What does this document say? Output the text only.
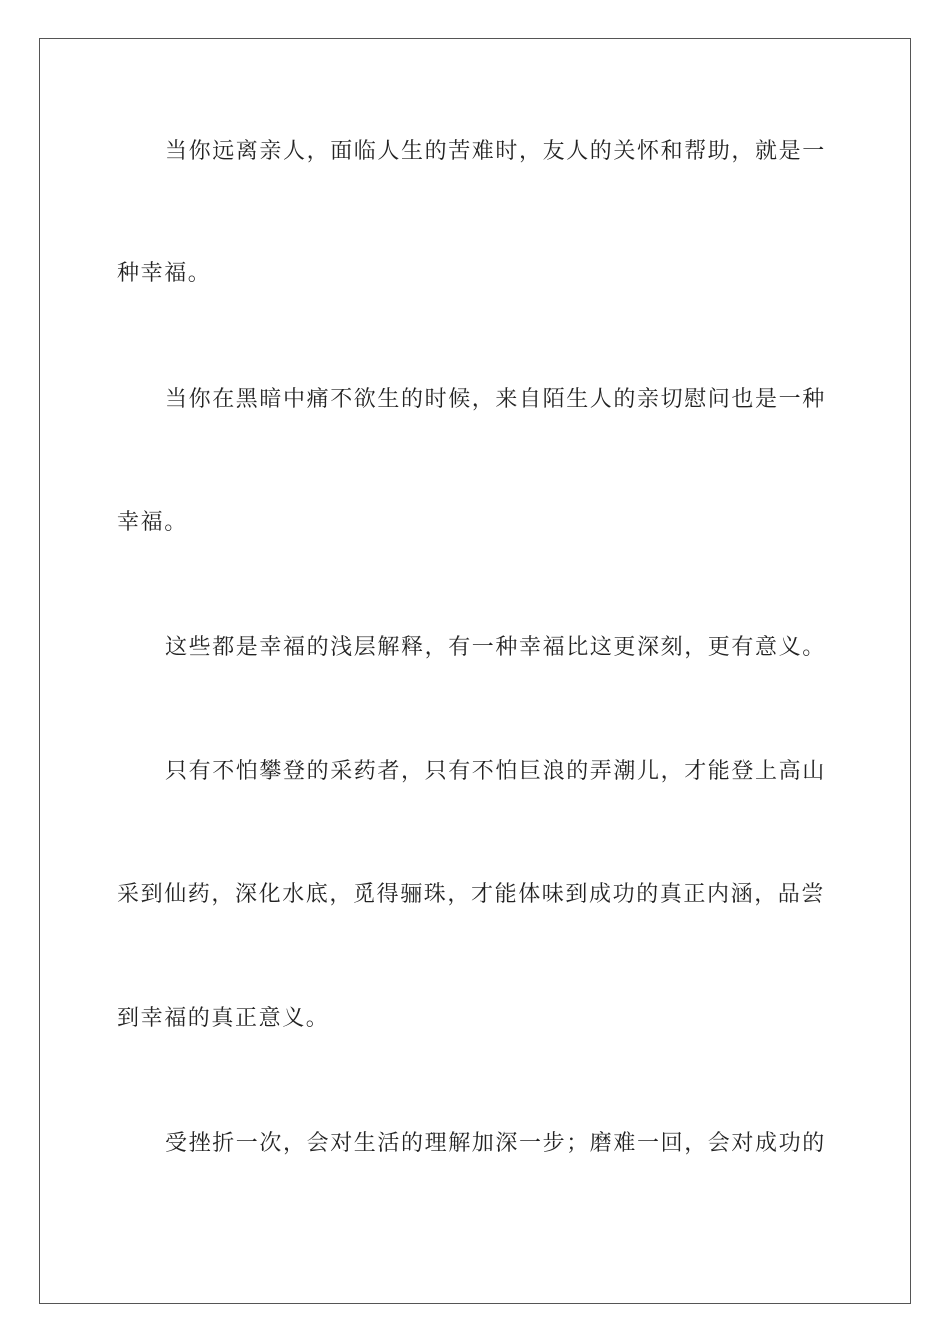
当你远离亲人，面临人生的苦难时，友人的关怀和帮助，就是一

种幸福。

当你在黑暗中痛不欲生的时候，来自陌生人的亲切慰问也是一种

幸福。

这些都是幸福的浅层解释，有一种幸福比这更深刻，更有意义。

只有不怕攀登的采药者，只有不怕巨浪的弄潮儿，才能登上高山

采到仙药，深化水底，觅得骊珠，才能体味到成功的真正内涵，品尝

到幸福的真正意义。

受挫折一次，会对生活的理解加深一步；磨难一回，会对成功的
